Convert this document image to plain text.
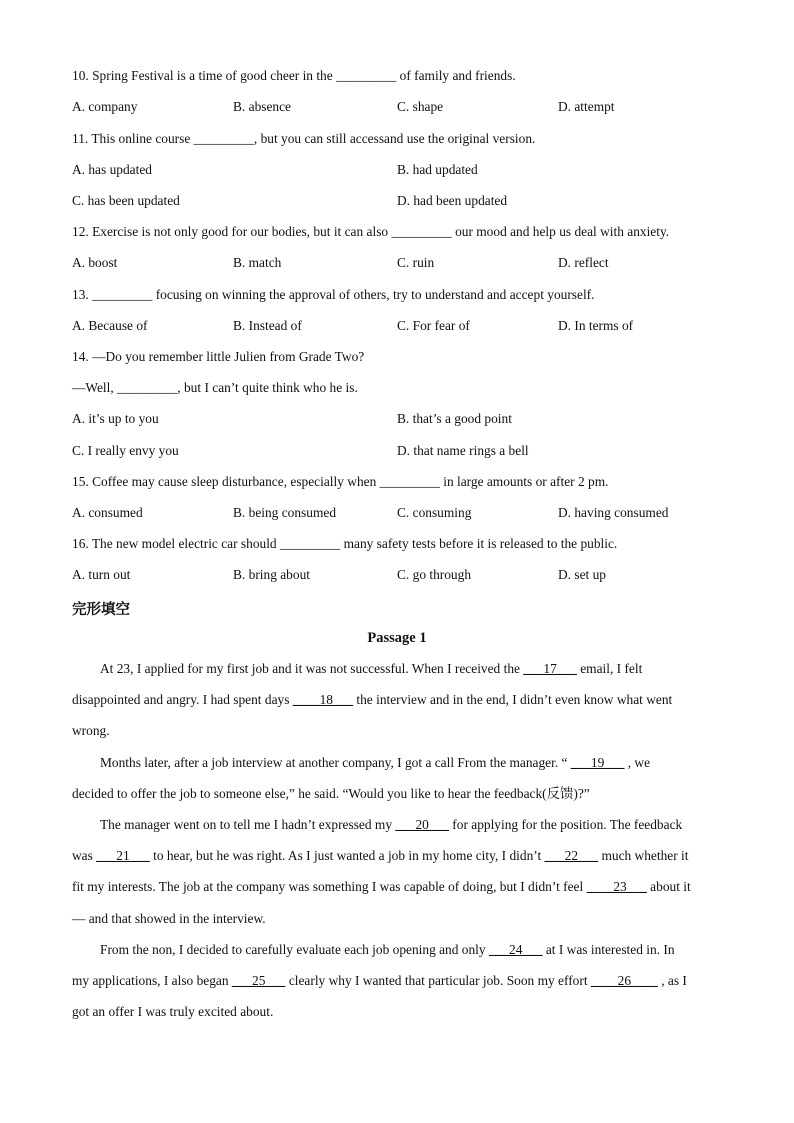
10. Spring Festival is a time of good cheer in the _________ of family and friends.
A. company	B. absence	C. shape	D. attempt
11. This online course _________, but you can still accessand use the original version.
A. has updated	B. had updated
C. has been updated	D. had been updated
12. Exercise is not only good for our bodies, but it can also _________ our mood and help us deal with anxiety.
A. boost	B. match	C. ruin	D. reflect
13. _________ focusing on winning the approval of others, try to understand and accept yourself.
A. Because of	B. Instead of	C. For fear of	D. In terms of
14. —Do you remember little Julien from Grade Two?
—Well, _________, but I can’t quite think who he is.
A. it’s up to you	B. that’s a good point
C. I really envy you	D. that name rings a bell
15. Coffee may cause sleep disturbance, especially when _________ in large amounts or after 2 pm.
A. consumed	B. being consumed	C. consuming	D. having consumed
16. The new model electric car should _________ many safety tests before it is released to the public.
A. turn out	B. bring about	C. go through	D. set up
完形填空
Passage 1
At 23, I applied for my first job and it was not successful. When I received the ___17___ email, I felt
disappointed and angry. I had spent days ____18___ the interview and in the end, I didn’t even know what went
wrong.
Months later, after a job interview at another company, I got a call From the manager. “ ___19___ , we
decided to offer the job to someone else,” he said. “Would you like to hear the feedback(反馈)?”
The manager went on to tell me I hadn’t expressed my ___20___ for applying for the position. The feedback
was ___21___ to hear, but he was right. As I just wanted a job in my home city, I didn’t ___22___ much whether it
fit my interests. The job at the company was something I was capable of doing, but I didn’t feel ____23___ about it
— and that showed in the interview.
From the non, I decided to carefully evaluate each job opening and only ___24___ at I was interested in. In
my applications, I also began ___25___ clearly why I wanted that particular job. Soon my effort ____26____ , as I
got an offer I was truly excited about.
